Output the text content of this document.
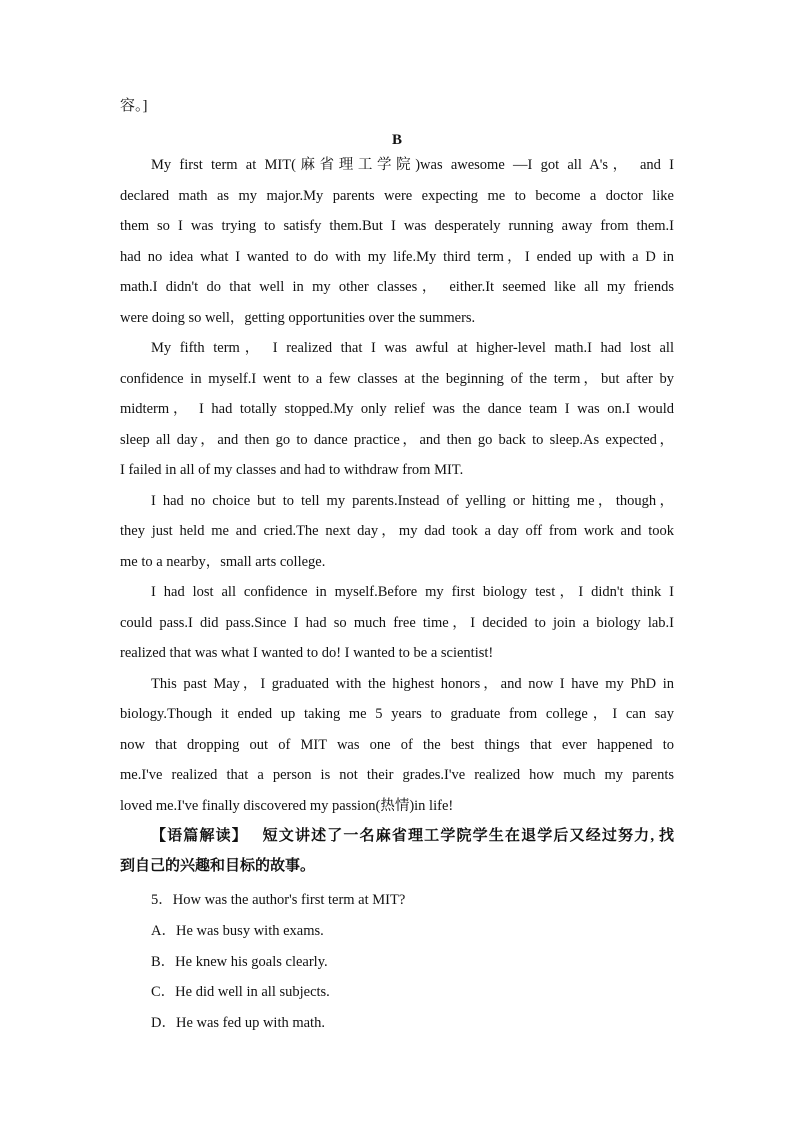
容。]
B
My first term at MIT(麻省理工学院)was awesome —I got all A's， and I
declared math as my major.My parents were expecting me to become a doctor like
them so I was trying to satisfy them.But I was desperately running away from them.I
had no idea what I wanted to do with my life.My third term，I ended up with a D in
math.I didn't do that well in my other classes， either.It seemed like all my friends
were doing so well，getting opportunities over the summers.
My fifth term， I realized that I was awful at higher-level math.I had lost all
confidence in myself.I went to a few classes at the beginning of the term，but after by
midterm， I had totally stopped.My only relief was the dance team I was on.I would
sleep all day，and then go to dance practice，and then go back to sleep.As expected，
I failed in all of my classes and had to withdraw from MIT.
I had no choice but to tell my parents.Instead of yelling or hitting me，though，
they just held me and cried.The next day，my dad took a day off from work and took
me to a nearby，small arts college.
I had lost all confidence in myself.Before my first biology test，I didn't think I
could pass.I did pass.Since I had so much free time，I decided to join a biology lab.I
realized that was what I wanted to do! I wanted to be a scientist!
This past May，I graduated with the highest honors，and now I have my PhD in
biology.Though it ended up taking me 5 years to graduate from college，I can say
now that dropping out of MIT was one of the best things that ever happened to
me.I've realized that a person is not their grades.I've realized how much my parents
loved me.I've finally discovered my passion(热情)in life!
【语篇解读】 短文讲述了一名麻省理工学院学生在退学后又经过努力, 找
到自己的兴趣和目标的故事。
5．How was the author's first term at MIT?
A．He was busy with exams.
B．He knew his goals clearly.
C．He did well in all subjects.
D．He was fed up with math.
